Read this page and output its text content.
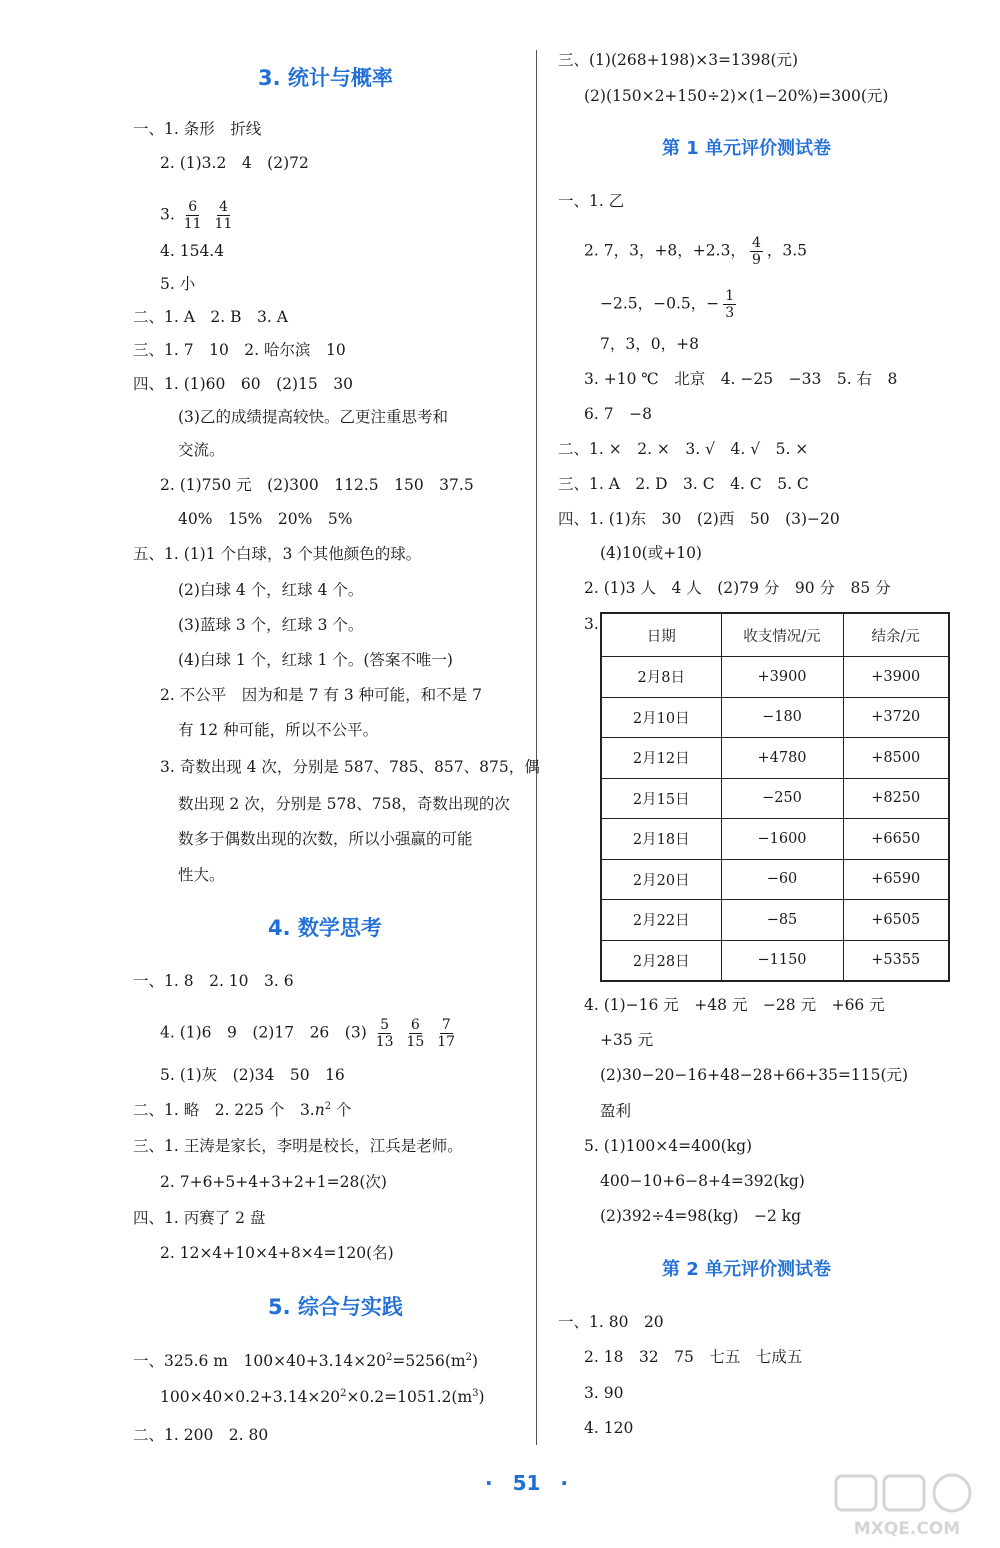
3. 统计与概率
一、1. 条形　折线
2. (1)3.2　4　(2)72
3. $\frac{6}{11}$
$\frac{4}{11}$
4. 154.4
5. 小
二、1. A　2. B　3. A
三、1. 7　10　2. 哈尔滨　10
四、1. (1)60　60　(2)15　30
(3)乙的成绩提高较快。乙更注重思考和
交流。
2. (1)750 元　(2)300　112.5　150　37.5
40%　15%　20%　5%
五、1. (1)1 个白球，3 个其他颜色的球。
(2)白球 4 个，红球 4 个。
(3)蓝球 3 个，红球 3 个。
(4)白球 1 个，红球 1 个。(答案不唯一)
2. 不公平　因为和是 7 有 3 种可能，和不是 7
有 12 种可能，所以不公平。
3. 奇数出现 4 次，分别是 587、785、857、875，偶
数出现 2 次，分别是 578、758，奇数出现的次
数多于偶数出现的次数，所以小强赢的可能
性大。
4. 数学思考
一、1. 8　2. 10　3. 6
4. (1)6　9　(2)17　26　$(3) \frac{5}{13}$
$\frac{6}{15}$
$\frac{7}{17}$
5. (1)灰　(2)34　50　16
二、1. 略　2. 225 个　$3.n^2$ 个
三、1. 王涛是家长，李明是校长，江兵是老师。
2. 7+6+5+4+3+2+1=28(次)
四、1. 丙赛了 2 盘
2. 12×4+10×4+8×4=120(名)
5. 综合与实践
一、325.6 m　$100\times 40+3.14\times 20^2=5256(m^2)$
$100\times 40\times 0.2+3.14\times 20^2\times 0.2=1051.2(m^3)$
二、1. 200　2. 80
三、(1)(268+198)×3=1398(元)
(2)(150×2+150÷2)×(1−20%)=300(元)
第 1 单元评价测试卷
一、1. 乙
2. 7，3，+8，+2.3， $\frac{4}{9}$ ，3.5
−2.5，−0.5，− $\frac{1}{3}$
7，3，0，+8
3. +10 ℃　北京　4. −25　−33　5. 右　8
6. 7　−8
二、1. ×　2. ×　3. √　4. √　5. ×
三、1. A　2. D　3. C　4. C　5. C
四、1. (1)东　30　(2)西　50　(3)−20
(4)10(或+10)
2. (1)3 人　4 人　(2)79 分　90 分　85 分
3.
日期	收支情况/元	结余/元
2月8日	+3900	+3900
2月10日	−180	+3720
2月12日	+4780	+8500
2月15日	−250	+8250
2月18日	−1600	+6650
2月20日	−60	+6590
2月22日	−85	+6505
2月28日	−1150	+5355
4. (1)−16 元　+48 元　−28 元　+66 元
+35 元
(2)30−20−16+48−28+66+35=115(元)
盈利
5. (1)100×4=400(kg)
400−10+6−8+4=392(kg)
(2)392÷4=98(kg)　−2 kg
第 2 单元评价测试卷
一、1. 80　20
2. 18　32　75　七五　七成五
3. 90
4. 120
·　51　·
MXQE.COM
